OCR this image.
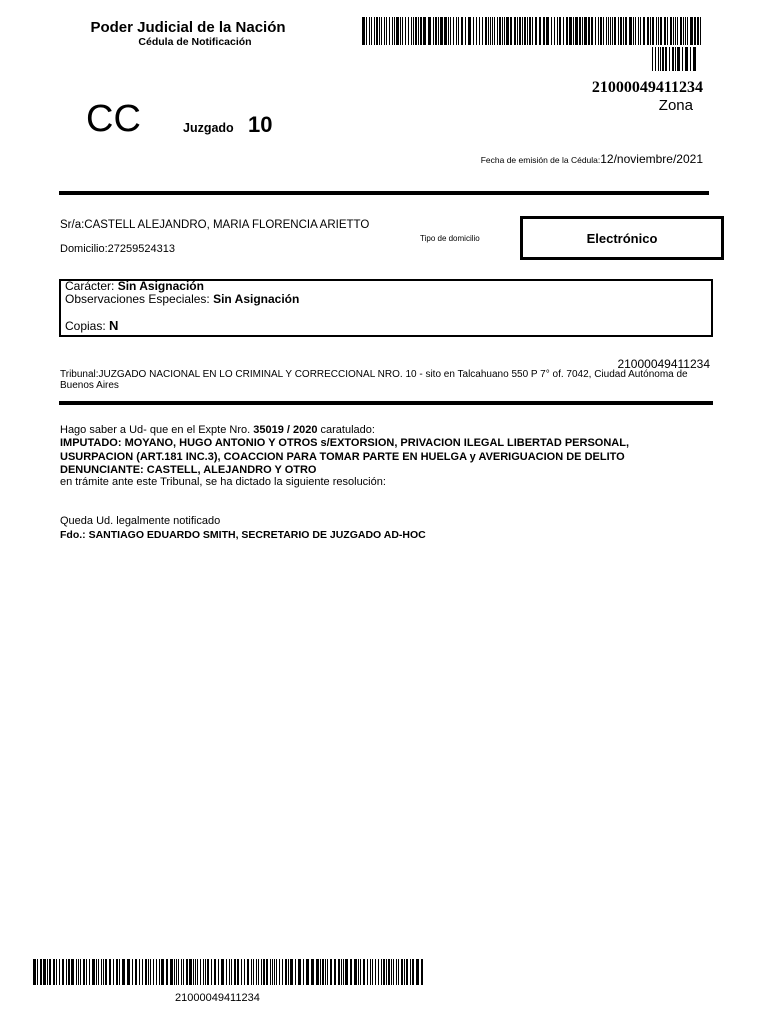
Poder Judicial de la Nación
Cédula de Notificación
21000049411234
Zona
CC	Juzgado 10
Fecha de emisión de la Cédula:12/noviembre/2021
Sr/a:CASTELL ALEJANDRO, MARIA FLORENCIA ARIETTO
Domicilio:27259524313
Tipo de domicilio	Electrónico
Carácter: Sin Asignación
Observaciones Especiales: Sin Asignación
Copias: N
21000049411234
Tribunal:JUZGADO NACIONAL EN LO CRIMINAL Y CORRECCIONAL NRO. 10 - sito en Talcahuano 550 P 7° of. 7042, Ciudad Autónoma de Buenos Aires
Hago saber a Ud- que en el Expte Nro. 35019 / 2020 caratulado:
IMPUTADO: MOYANO, HUGO ANTONIO Y OTROS s/EXTORSION, PRIVACION ILEGAL LIBERTAD PERSONAL,
USURPACION (ART.181 INC.3), COACCION PARA TOMAR PARTE EN HUELGA y AVERIGUACION DE DELITO
DENUNCIANTE: CASTELL, ALEJANDRO Y OTRO
en trámite ante este Tribunal, se ha dictado la siguiente resolución:
Queda Ud. legalmente notificado
Fdo.: SANTIAGO EDUARDO SMITH, SECRETARIO DE JUZGADO AD-HOC
21000049411234
